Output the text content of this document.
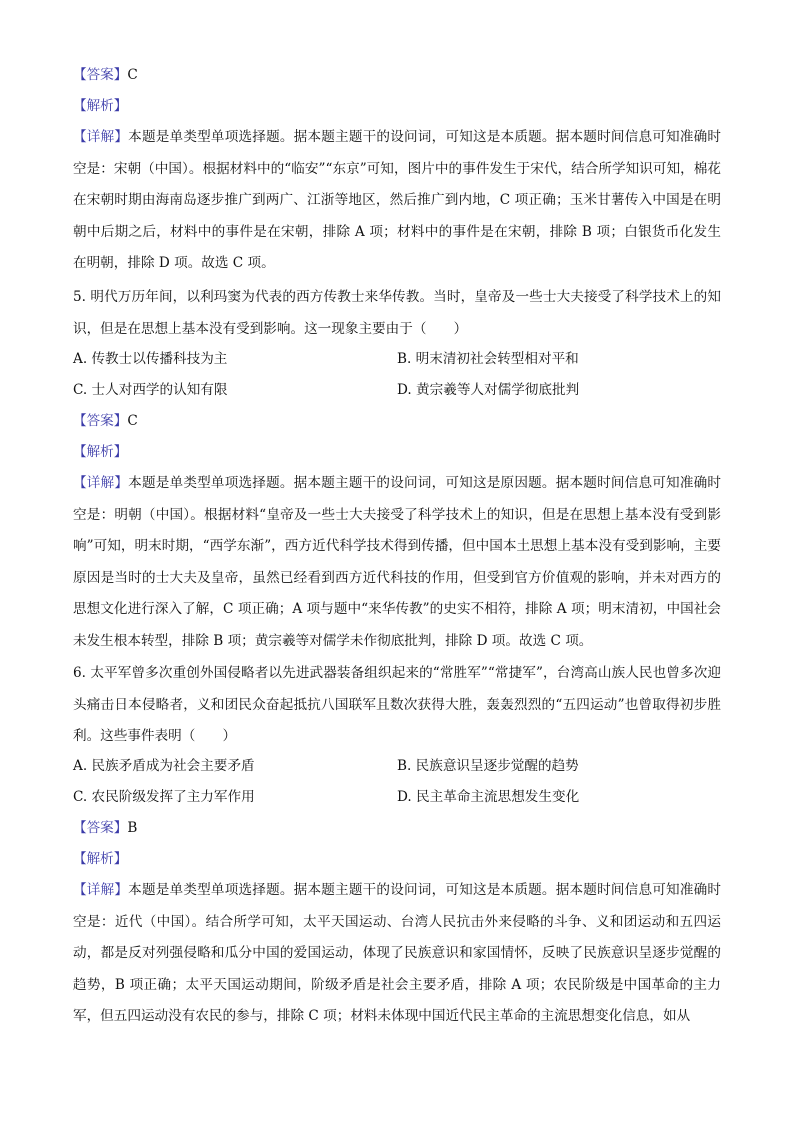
【答案】C
【解析】
【详解】本题是单类型单项选择题。据本题主题干的设问词，可知这是本质题。据本题时间信息可知准确时空是：宋朝（中国）。根据材料中的“临安”“东京”可知，图片中的事件发生于宋代，结合所学知识可知，棉花在宋朝时期由海南岛逐步推广到两广、江浙等地区，然后推广到内地，C 项正确；玉米甘薯传入中国是在明朝中后期之后，材料中的事件是在宋朝，排除 A 项；材料中的事件是在宋朝，排除 B 项；白银货币化发生在明朝，排除 D 项。故选 C 项。
5. 明代万历年间，以利玛窦为代表的西方传教士来华传教。当时，皇帝及一些士大夫接受了科学技术上的知识，但是在思想上基本没有受到影响。这一现象主要由于（　　）
A. 传教士以传播科技为主	B. 明末清初社会转型相对平和
C. 士人对西学的认知有限	D. 黄宗羲等人对儒学彻底批判
【答案】C
【解析】
【详解】本题是单类型单项选择题。据本题主题干的设问词，可知这是原因题。据本题时间信息可知准确时空是：明朝（中国）。根据材料“皇帝及一些士大夫接受了科学技术上的知识，但是在思想上基本没有受到影响”可知，明末时期，“西学东渐”，西方近代科学技术得到传播，但中国本土思想上基本没有受到影响，主要原因是当时的士大夫及皇帝，虽然已经看到西方近代科技的作用，但受到官方价值观的影响，并未对西方的思想文化进行深入了解，C 项正确；A 项与题中“来华传教”的史实不相符，排除 A 项；明末清初，中国社会未发生根本转型，排除 B 项；黄宗羲等对儒学未作彻底批判，排除 D 项。故选 C 项。
6. 太平军曾多次重创外国侵略者以先进武器装备组织起来的“常胜军”“常捷军”，台湾高山族人民也曾多次迎头痛击日本侵略者，义和团民众奋起抵抗八国联军且数次获得大胜，轰轰烈烈的“五四运动”也曾取得初步胜利。这些事件表明（　　）
A. 民族矛盾成为社会主要矛盾	B. 民族意识呈逐步觉醒的趋势
C. 农民阶级发挥了主力军作用	D. 民主革命主流思想发生变化
【答案】B
【解析】
【详解】本题是单类型单项选择题。据本题主题干的设问词，可知这是本质题。据本题时间信息可知准确时空是：近代（中国）。结合所学可知，太平天国运动、台湾人民抗击外来侵略的斗争、义和团运动和五四运动，都是反对列强侵略和瓜分中国的爱国运动，体现了民族意识和家国情怀，反映了民族意识呈逐步觉醒的趋势，B 项正确；太平天国运动期间，阶级矛盾是社会主要矛盾，排除 A 项；农民阶级是中国革命的主力军，但五四运动没有农民的参与，排除 C 项；材料未体现中国近代民主革命的主流思想变化信息，如从
